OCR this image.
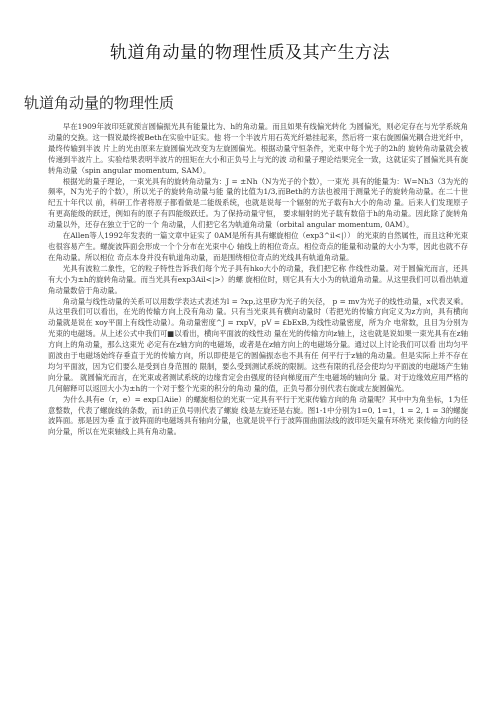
轨道角动量的物理性质及其产生方法
轨道角动量的物理性质

早在1909年波印廷就预言圆偏振光具有能量比为、h的角动量。而且如果有线偏光转化 为圆偏光，则必定存在与光学系统角动量的交换。这一假说最终被Beth在实验中证实。他 将一个半波片用石英光纤悬挂起来，然后将一束右旋圆偏光耦合进光纤中，最终传输到半波 片上的光由原来左旋圆偏光改变为左旋圆偏光。根据动量守恒条件，光束中每个光子的2h的 旋转角动量就会被传递到半波片上。实验结果表明半波片的扭矩在大小和正负号上与光的波 动和量子理论结果完全一致，这就证实了圆偏光具有旋转角动量（spin angular momentum, SAM）。

根据光的量子理论，一束光具有的旋转角动量为：J = ±Nh（N为光子的个数），一束光 具有的能量为：W=Nh3（3为光的频率，N为光子的个数），所以光子的旋转角动量与能 量的比值为1/3,而Beth的方法也被用于测量光子的旋转角动量。在二十世纪五十年代以 前，科研工作者将原子都看做是二能级系统，也就是说每一个辐射的光子载有h大小的角动 量。后来人们发现原子有更高能级的跃迁，例如有的原子有四能级跃迁。为了保持动量守恒， 要求辐射的光子载有数倍于h的角动量。因此除了旋转角动量以外，还存在独立于它的一个 角动量，人们把它名为轨道角动量（orbital angular momentum, 0AM）。

在Allen等人1992年发表的一篇文章中证实了 0AM是所有具有螺旋相位（exp3^il<|）） 的光束的自然属性，而且这种光束也很容易产生。螺旋波阵面会形成一个个分布在光束中心 轴线上的相位奇点。相位奇点的能量和动量的大小为零，因此也就不存在角动量。所以相位 奇点本身并没有轨道角动量，而是围绕相位奇点的光线具有轨道角动量。

光具有波粒二象性，它的粒子特性告诉我们每个光子具有hko大小的动量，我们把它称 作线性动量。对于圆偏光而言，还具有大小为±h的旋转角动量。而当光具有exp3Ail<|>）的螺 旋相位时，则它具有大小为的轨道角动量。从这里我们可以看出轨道角动量数倍于角动量。

角动量与线性动量的关系可以用数学表达式表述为l = ?xp,这里矽为光子的矢径， p = mv为光子的线性动量，x代表叉乘。从这里我们可以看出，在光的传输方向上没有角动 量。只有当光束具有横向动量时（若把光的传输方向定义为z方向，具有横向动量就是说在 xoy平面上有线性动量）。角动量密度^J = rxpV，pV = £bExB,为线性动量密度，所为介 电常数，且目为分别为光束的电磁场。从上述公式中我们可■以看出，横向平面波的线性动 量在光的传输方向z轴上，这也就是说如果一束光具有在z轴方向上的角动量，那么这束光 必定有在z轴方向的电磁场，或者是在z轴方向上的电磁场分量。通过以上讨论我们可以看 出均匀平面波由于电磁场始终存垂直于光的传输方向，所以即使是它的圆偏振态也不具有任 何平行于z轴的角动量。但是实际上并不存在均匀平面波，因为它们要么是受到自身范围的 限制，要么受到测试系统的限制。这些有限的孔径会使均匀平面波的电磁场产生轴向分量。 就圆偏光而言，在光束或者测试系统的边缘肯定会由强度的径向梯度而产生电磁场的轴向分 量。对于边缘效应用严格的几何解释可以返回大小为±h的一个对于整个光束的积分的角动 量的值，正负号都分别代表右旋或左旋圆偏光。

为什么具有e（r，e）= exp口Aiie）的螺旋相位的光束一定具有平行于光束传输方向的角 动量呢？其中中为角坐标，1为任意整数，代表了螺旋线的条数，而1的正负号则代表了螺旋 线是左旋还是右旋。图1-1中分别为1=0, 1=1，1 = 2, 1 = 3的螺旋波阵面。那是因为垂 直于波阵面的电磁场具有轴向分量，也就是说平行于波阵面曲面法线的波印廷矢量有环绕光 束传输方向的径向分量，所以在光束轴线上具有角动量。
